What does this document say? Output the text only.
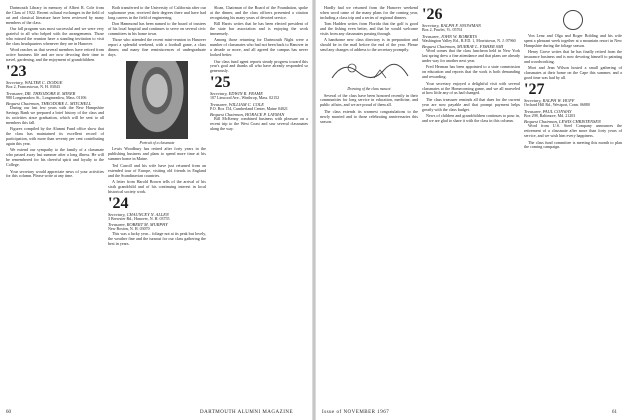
Dartmouth Library in memory of Albert R. Cole from the Class of 1922. Recent cultural exchanges in the field of art and classical literature have been reviewed by many members of the class.

Our fall program was most successful and we were very grateful to all who helped with the arrangements. Those who missed the reunion have a standing invitation to visit the class headquarters whenever they are in Hanover.

Word reaches us that several members have retired from active business life and are now devoting their time to travel, gardening, and the enjoyment of grandchildren.

'23
Secretary, WALTER C. DODGE
Box 2, Francestown, N. H. 03043
Treasurer, DR. THEODORE R. MINER
980 Longmeadow St., Longmeadow, Mass. 01106
Bequest Chairman, THEODORE L. MITCHELL

During our last few years with the New Hampshire Savings Bank we prepared a brief history of the class and its activities since graduation, which will be sent to all members this fall.

Figures compiled by the Alumni Fund office show that the class has maintained its excellent record of participation, with more than seventy per cent contributing again this year.

We extend our sympathy to the family of a classmate who passed away last summer after a long illness. He will be remembered for his cheerful spirit and loyalty to the College.

Your secretary would appreciate news of your activities for this column. Please write at any time.

Both transferred to the University of California after our sophomore year, received their degrees there and have had long careers in the field of engineering.

Don Hammond has been named to the board of trustees of his local hospital and continues to serve on several civic committees in his home town.

Those who attended the recent mini-reunion in Hanover report a splendid weekend, with a football game, a class dinner, and many fine reminiscences of undergraduate days.

Portrait of a classmate

Lewis Woodbury has retired after forty years in the publishing business and plans to spend more time at his summer home in Maine.

Ted Carroll and his wife have just returned from an extended tour of Europe, visiting old friends in England and the Scandinavian countries.

A letter from Harold Brown tells of the arrival of his sixth grandchild and of his continuing interest in local historical society work.

'24
Secretary, CHAUNCEY N. ALLEN
3 Brewster Rd., Hanover, N. H. 03755
Treasurer, ROBERT M. MURPHY
New Boston, N. H. 03070

This was a lucky year... foliage not at its peak but lovely, the weather fine and the turnout for our class gathering the best in years.

Sloan, Chairman of the Board of the Foundation, spoke at the dinner, and the class officers presented a citation recognizing his many years of devoted service.

Bill Harris writes that he has been elected president of the state bar association and is enjoying the work immensely.

Among those returning for Dartmouth Night were a number of classmates who had not been back to Hanover in a decade or more, and all agreed the campus has never looked better.

Our class fund agent reports steady progress toward this year's goal and thanks all who have already responded so generously.

'25
Secretary, EDWIN R. FRAME
107 Linwood Ave., Winthrop, Mass. 02152
Treasurer, WILLIAM C. COLE
P.O. Box 154, Cumberland Center, Maine 04021
Bequest Chairman, HORACE P. LAYMAN

Bill McKenny combined business with pleasure on a recent trip to the West Coast and saw several classmates along the way.

Hardly had we returned from the Hanover weekend when word came of the many plans for the coming year, including a class trip and a series of regional dinners.

Tom Hadden writes from Florida that the golf is good and the fishing even better, and that he would welcome visits from any classmates passing through.

A handsome new class directory is in preparation and should be in the mail before the end of the year. Please send any changes of address to the secretary promptly.

Drawing of the class mascot

Several of the class have been honored recently in their communities for long service in education, medicine, and public affairs, and we are proud of them all.

The class extends its warmest congratulations to the newly married and to those celebrating anniversaries this season.

'26
Secretary, RALPH F. SNOWMAN
Box 2, Pawlet, Vt. 05761
Treasurer, JOHN W. ROBERTS
Washington Valley Rd., R.F.D. 1, Morristown, N. J. 07960
Bequest Chairman, MURRAY L. FISHER SMI

Word comes that the class luncheon held in New York last spring drew a fine attendance and that plans are already under way for another next year.

Fred Herman has been appointed to a state commission on education and reports that the work is both demanding and rewarding.

Your secretary enjoyed a delightful visit with several classmates at the Homecoming game, and we all marveled at how little any of us had changed.

The class treasurer reminds all that dues for the current year are now payable and that prompt payment helps greatly with the class budget.

News of children and grandchildren continues to pour in, and we are glad to share it with the class in this column.

Von Lenz and Olga and Roger Bolding and his wife spent a pleasant week together at a mountain resort in New Hampshire during the foliage season.

Henry Grove writes that he has finally retired from the insurance business and is now devoting himself to painting and woodworking.

Mort and Jean Wilson hosted a small gathering of classmates at their home on the Cape this summer, and a good time was had by all.

'27
Secretary, RALPH W. HUFF
Orchard Hill Rd., Westport, Conn. 06880
Treasurer, PAUL CONWAY
Box 298, Baltimore, Md. 21203
Bequest Chairman, LEWIS CHRISTENSEN

Word from U.S. Steel Company announces the retirement of a classmate after more than forty years of service, and we wish him every happiness.

The class fund committee is meeting this month to plan the coming campaign.

60	DARTMOUTH ALUMNI MAGAZINE	Issue of NOVEMBER 1967	61
